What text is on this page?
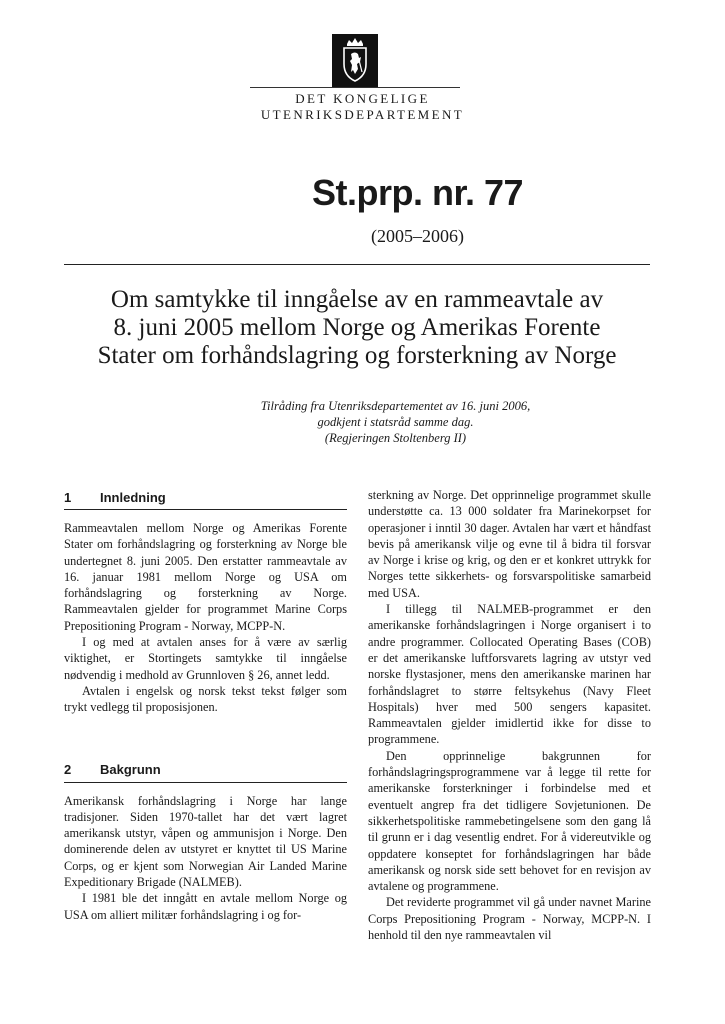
DET KONGELIGE
UTENRIKSDEPARTEMENT
St.prp. nr. 77
(2005–2006)
Om samtykke til inngåelse av en rammeavtale av
8. juni 2005 mellom Norge og Amerikas Forente
Stater om forhåndslagring og forsterkning av Norge
Tilråding fra Utenriksdepartementet av 16. juni 2006,
godkjent i statsråd samme dag.
(Regjeringen Stoltenberg II)
1	Innledning

Rammeavtalen mellom Norge og Amerikas Forente Stater om forhåndslagring og forsterkning av Norge ble undertegnet 8. juni 2005. Den erstatter rammeavtale av 16. januar 1981 mellom Norge og USA om forhåndslagring og forsterkning av Norge. Rammeavtalen gjelder for programmet Marine Corps Prepositioning Program - Norway, MCPP-N.

I og med at avtalen anses for å være av særlig viktighet, er Stortingets samtykke til inngåelse nødvendig i medhold av Grunnloven § 26, annet ledd.

Avtalen i engelsk og norsk tekst tekst følger som trykt vedlegg til proposisjonen.

2	Bakgrunn

Amerikansk forhåndslagring i Norge har lange tradisjoner. Siden 1970-tallet har det vært lagret amerikansk utstyr, våpen og ammunisjon i Norge. Den dominerende delen av utstyret er knyttet til US Marine Corps, og er kjent som Norwegian Air Landed Marine Expeditionary Brigade (NALMEB).

I 1981 ble det inngått en avtale mellom Norge og USA om alliert militær forhåndslagring i og for-

sterkning av Norge. Det opprinnelige programmet skulle understøtte ca. 13 000 soldater fra Marinekorpset for operasjoner i inntil 30 dager. Avtalen har vært et håndfast bevis på amerikansk vilje og evne til å bidra til forsvar av Norge i krise og krig, og den er et konkret uttrykk for Norges tette sikkerhets- og forsvarspolitiske samarbeid med USA.

I tillegg til NALMEB-programmet er den amerikanske forhåndslagringen i Norge organisert i to andre programmer. Collocated Operating Bases (COB) er det amerikanske luftforsvarets lagring av utstyr ved norske flystasjoner, mens den amerikanske marinen har forhåndslagret to større feltsykehus (Navy Fleet Hospitals) hver med 500 sengers kapasitet. Rammeavtalen gjelder imidlertid ikke for disse to programmene.

Den opprinnelige bakgrunnen for forhåndslagringsprogrammene var å legge til rette for amerikanske forsterkninger i forbindelse med et eventuelt angrep fra det tidligere Sovjetunionen. De sikkerhetspolitiske rammebetingelsene som den gang lå til grunn er i dag vesentlig endret. For å videreutvikle og oppdatere konseptet for forhåndslagringen har både amerikansk og norsk side sett behovet for en revisjon av avtalene og programmene.

Det reviderte programmet vil gå under navnet Marine Corps Prepositioning Program - Norway, MCPP-N. I henhold til den nye rammeavtalen vil
